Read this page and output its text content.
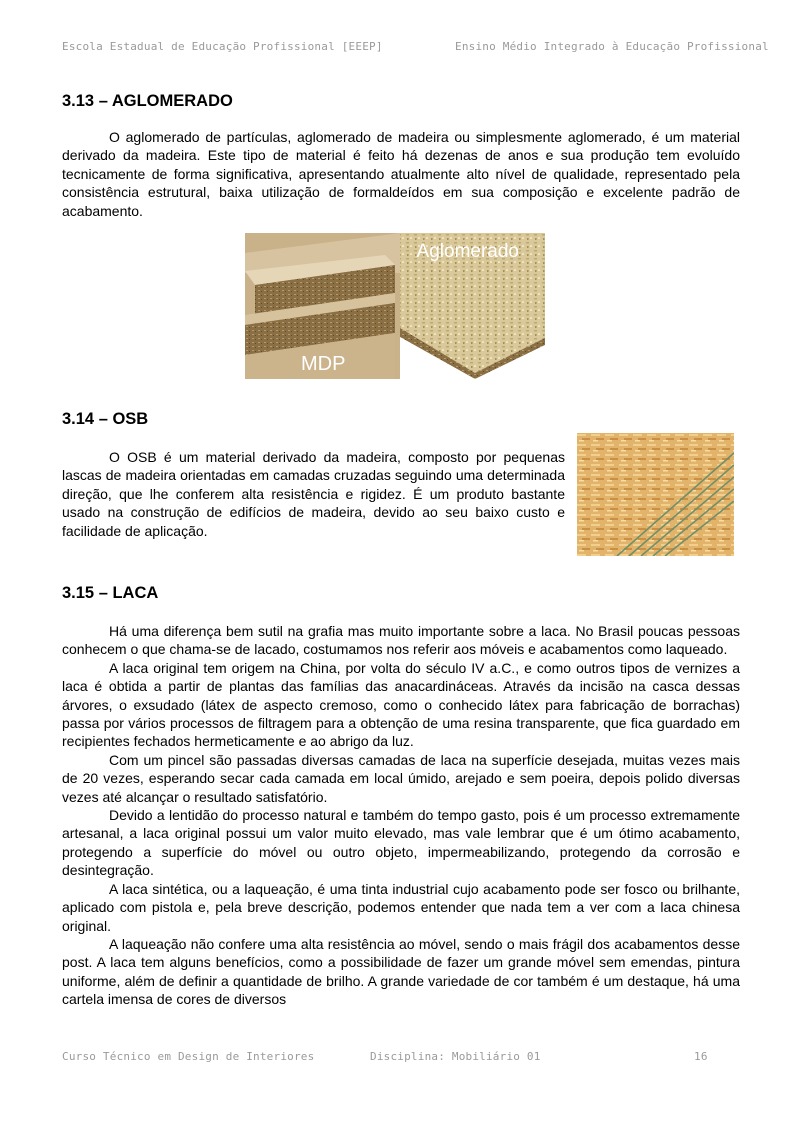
Escola Estadual de Educação Profissional [EEEP]	Ensino Médio Integrado à Educação Profissional
3.13 – AGLOMERADO

O aglomerado de partículas, aglomerado de madeira ou simplesmente aglomerado, é um material derivado da madeira. Este tipo de material é feito há dezenas de anos e sua produção tem evoluído tecnicamente de forma significativa, apresentando atualmente alto nível de qualidade, representado pela consistência estrutural, baixa utilização de formaldeídos em sua composição e excelente padrão de acabamento.

Aglomerado
MDP
3.14 – OSB

O OSB é um material derivado da madeira, composto por pequenas lascas de madeira orientadas em camadas cruzadas seguindo uma determinada direção, que lhe conferem alta resistência e rigidez. É um produto bastante usado na construção de edifícios de madeira, devido ao seu baixo custo e facilidade de aplicação.

3.15 – LACA

Há uma diferença bem sutil na grafia mas muito importante sobre a laca. No Brasil poucas pessoas conhecem o que chama-se de lacado, costumamos nos referir aos móveis e acabamentos como laqueado.

A laca original tem origem na China, por volta do século IV a.C., e como outros tipos de vernizes a laca é obtida a partir de plantas das famílias das anacardináceas. Através da incisão na casca dessas árvores, o exsudado (látex de aspecto cremoso, como o conhecido látex para fabricação de borrachas) passa por vários processos de filtragem para a obtenção de uma resina transparente, que fica guardado em recipientes fechados hermeticamente e ao abrigo da luz.

Com um pincel são passadas diversas camadas de laca na superfície desejada, muitas vezes mais de 20 vezes, esperando secar cada camada em local úmido, arejado e sem poeira, depois polido diversas vezes até alcançar o resultado satisfatório.

Devido a lentidão do processo natural e também do tempo gasto, pois é um processo extremamente artesanal, a laca original possui um valor muito elevado, mas vale lembrar que é um ótimo acabamento, protegendo a superfície do móvel ou outro objeto, impermeabilizando, protegendo da corrosão e desintegração.

A laca sintética, ou a laqueação, é uma tinta industrial cujo acabamento pode ser fosco ou brilhante, aplicado com pistola e, pela breve descrição, podemos entender que nada tem a ver com a laca chinesa original.

A laqueação não confere uma alta resistência ao móvel, sendo o mais frágil dos acabamentos desse post. A laca tem alguns benefícios, como a possibilidade de fazer um grande móvel sem emendas, pintura uniforme, além de definir a quantidade de brilho. A grande variedade de cor também é um destaque, há uma cartela imensa de cores de diversos

Curso Técnico em Design de Interiores	Disciplina: Mobiliário 01	16
